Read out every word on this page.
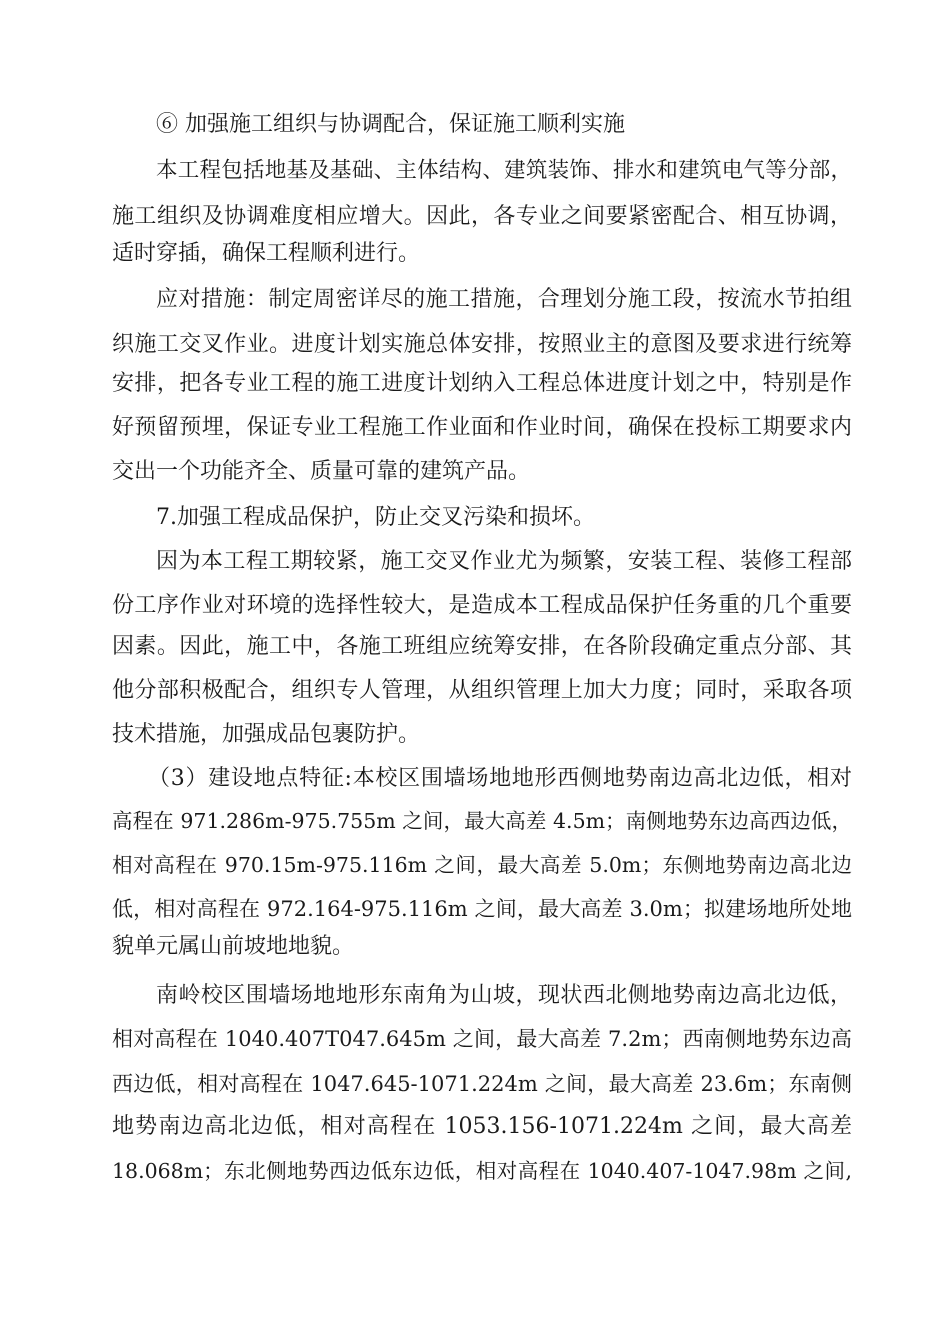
⑥ 加强施工组织与协调配合，保证施工顺利实施
本工程包括地基及基础、主体结构、建筑装饰、排水和建筑电气等分部，
施工组织及协调难度相应增大。因此，各专业之间要紧密配合、相互协调，
适时穿插，确保工程顺利进行。
应对措施：制定周密详尽的施工措施，合理划分施工段，按流水节拍组
织施工交叉作业。进度计划实施总体安排，按照业主的意图及要求进行统筹
安排，把各专业工程的施工进度计划纳入工程总体进度计划之中，特别是作
好预留预埋，保证专业工程施工作业面和作业时间，确保在投标工期要求内
交出一个功能齐全、质量可靠的建筑产品。
7.加强工程成品保护，防止交叉污染和损坏。
因为本工程工期较紧，施工交叉作业尤为频繁，安装工程、装修工程部
份工序作业对环境的选择性较大，是造成本工程成品保护任务重的几个重要
因素。因此，施工中，各施工班组应统筹安排，在各阶段确定重点分部、其
他分部积极配合，组织专人管理，从组织管理上加大力度；同时，采取各项
技术措施，加强成品包裹防护。
（3）建设地点特征:本校区围墙场地地形西侧地势南边高北边低，相对
高程在 971.286m-975.755m 之间，最大高差 4.5m；南侧地势东边高西边低，
相对高程在 970.15m-975.116m 之间，最大高差 5.0m；东侧地势南边高北边
低，相对高程在 972.164-975.116m 之间，最大高差 3.0m；拟建场地所处地
貌单元属山前坡地地貌。
南岭校区围墙场地地形东南角为山坡，现状西北侧地势南边高北边低，
相对高程在 1040.407T047.645m 之间，最大高差 7.2m；西南侧地势东边高
西边低，相对高程在 1047.645-1071.224m 之间，最大高差 23.6m；东南侧
地势南边高北边低，相对高程在 1053.156-1071.224m 之间，最大高差
18.068m；东北侧地势西边低东边低，相对高程在 1040.407-1047.98m 之间,
